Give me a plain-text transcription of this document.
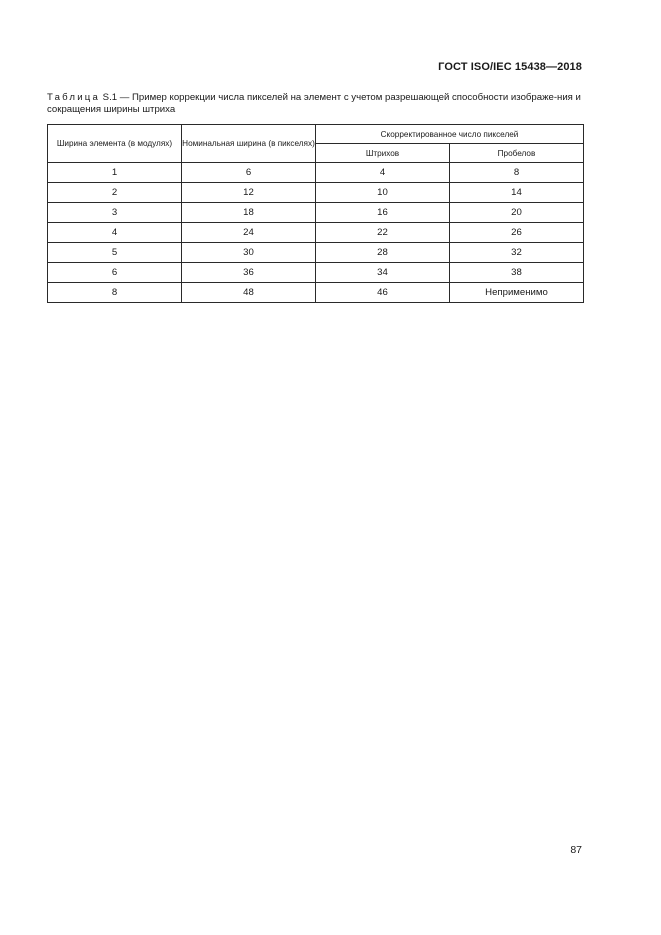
ГОСТ ISO/IEC 15438—2018
Таблица S.1 — Пример коррекции числа пикселей на элемент с учетом разрешающей способности изображе-ния и сокращения ширины штриха
Ширина элемента (в модулях)	Номинальная ширина (в пикселях)	Скорректированное число пикселей	
		Штрихов	Пробелов
1	6	4	8
2	12	10	14
3	18	16	20
4	24	22	26
5	30	28	32
6	36	34	38
8	48	46	Неприменимо
87
